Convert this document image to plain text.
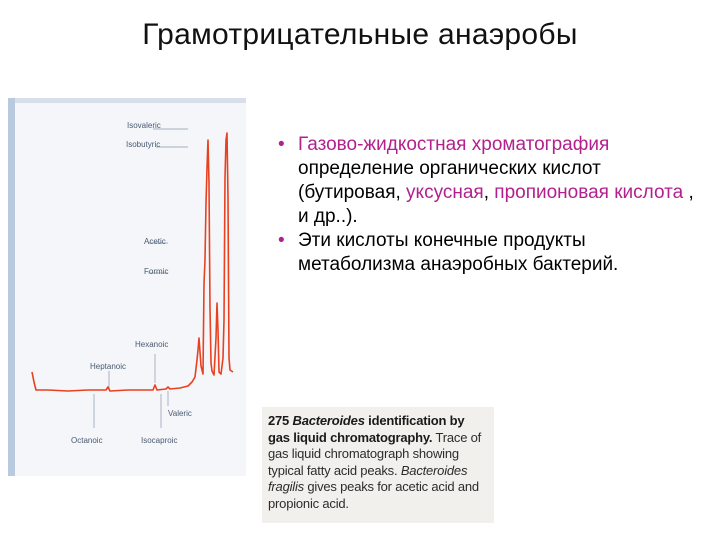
Грамотрицательные анаэробы
Isovaleric
Isobutyric
Acetic
Formic
Hexanoic
Heptanoic
Valeric
Octanoic	Isocaproic
• Газово-жидкостная хроматография определение органических кислот (бутировая, уксусная, пропионовая кислота , и др..).
• Эти кислоты конечные продукты метаболизма анаэробных бактерий.
275 Bacteroides identification by gas liquid chromatography. Trace of gas liquid chromatograph showing typical fatty acid peaks. Bacteroides fragilis gives peaks for acetic acid and propionic acid.
